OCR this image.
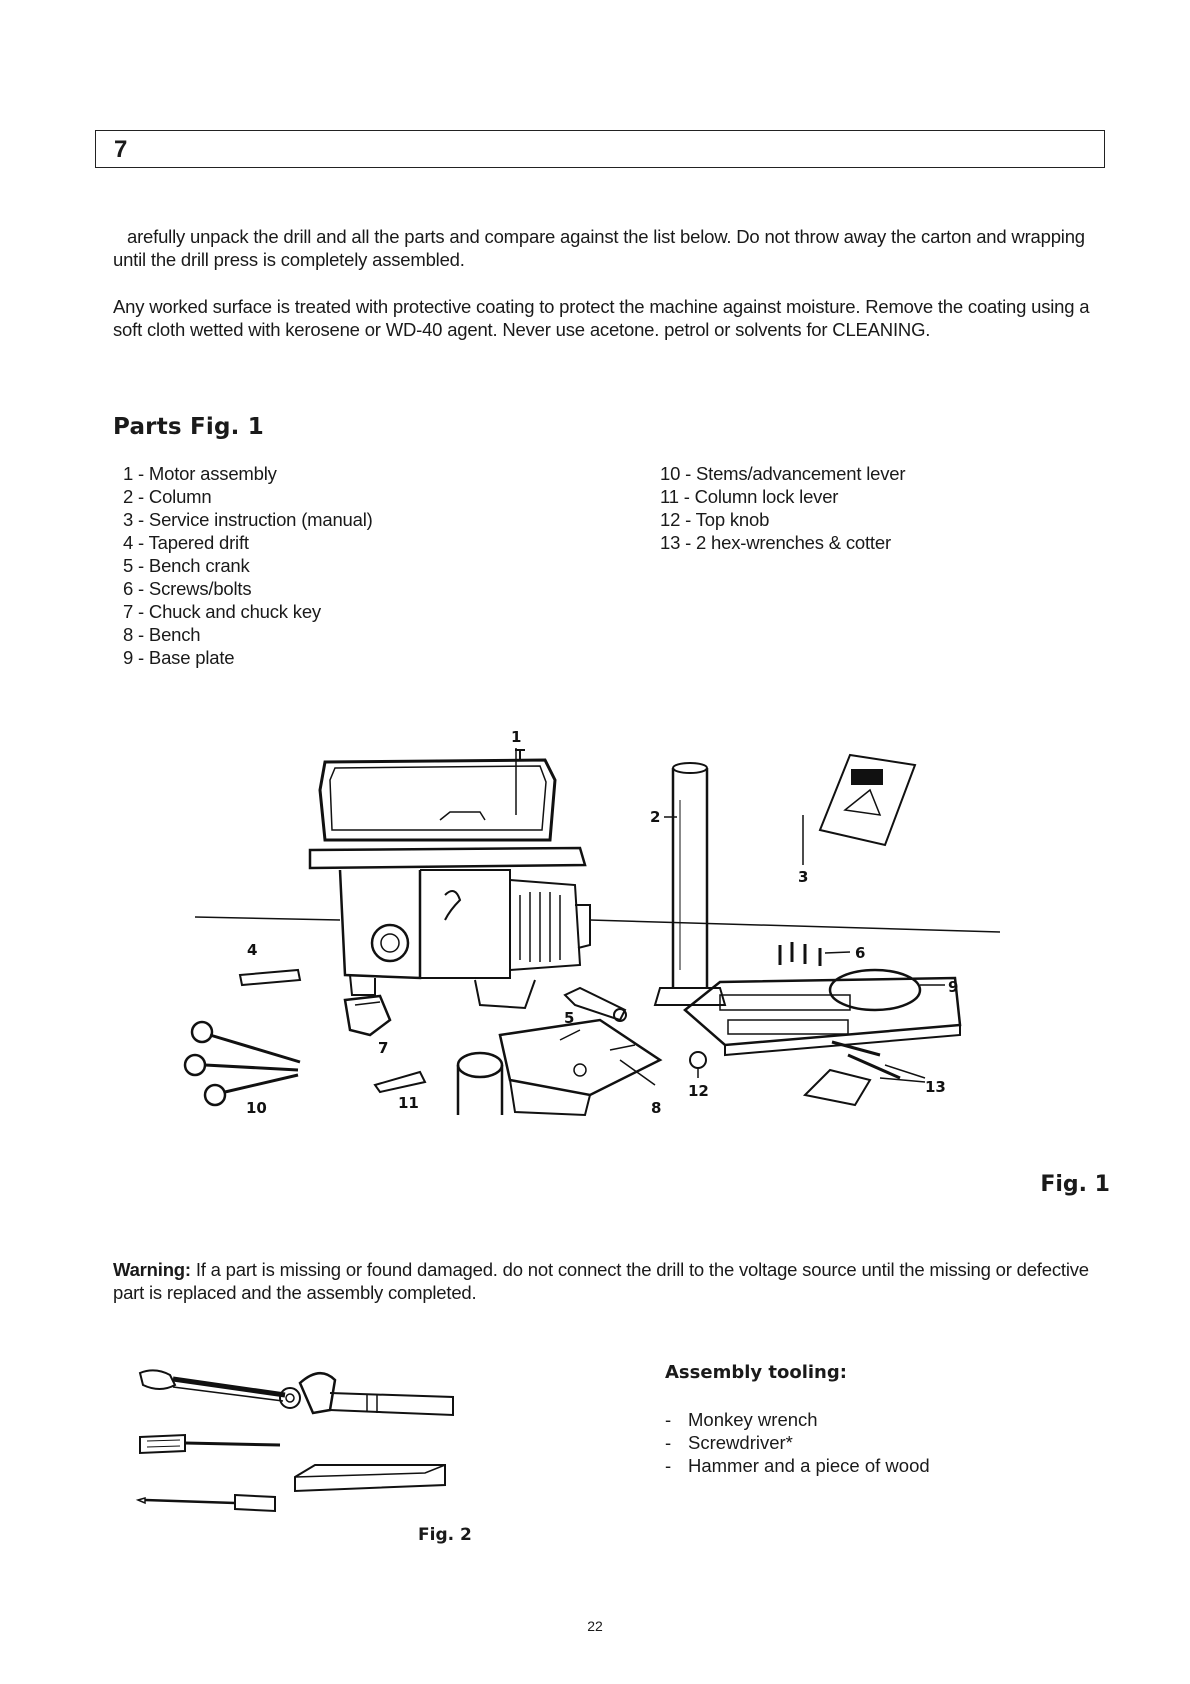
7

arefully unpack the drill and all the parts and compare against the list below. Do not throw away the carton and wrapping until the drill press is completely assembled.

Any worked surface is treated with protective coating to protect the machine against moisture. Remove the coating using a soft cloth wetted with kerosene or WD-40 agent. Never use acetone. petrol or solvents for CLEANING.

Parts Fig. 1
1 - Motor assembly
2 - Column
3 - Service instruction (manual)
4 - Tapered drift
5 - Bench crank
6 - Screws/bolts
7 - Chuck and chuck key
8 - Bench
9 - Base plate
10 - Stems/advancement lever
11 - Column lock lever
12 - Top knob
13 - 2 hex-wrenches & cotter
1
2
3
4
5
6
7
8
9
10	11
12	13
Fig. 1
Warning: If a part is missing or found damaged. do not connect the drill to the voltage source until the missing or defective part is replaced and the assembly completed.
Fig. 2
Assembly tooling:
- Monkey wrench
- Screwdriver*
- Hammer and a piece of wood
22
